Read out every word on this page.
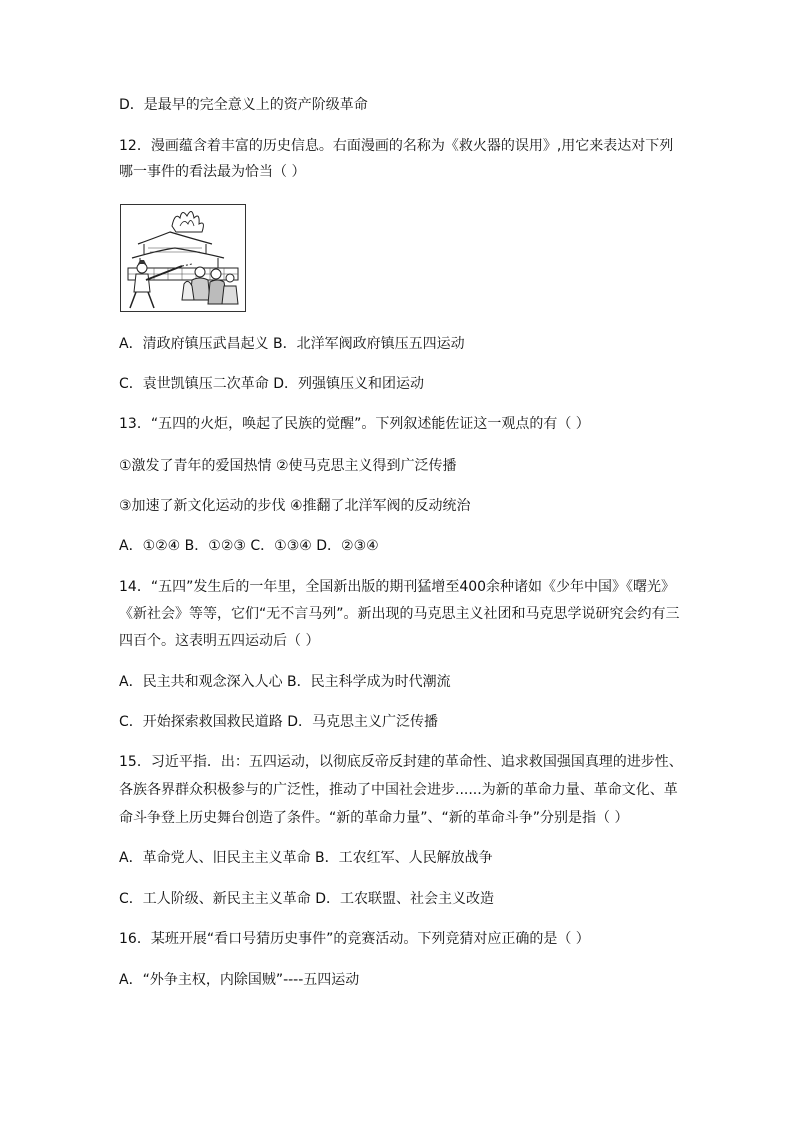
D．是最早的完全意义上的资产阶级革命
12．漫画蕴含着丰富的历史信息。右面漫画的名称为《救火器的误用》,用它来表达对下列
哪一事件的看法最为恰当（ ）
A．清政府镇压武昌起义 B．北洋军阀政府镇压五四运动
C．袁世凯镇压二次革命 D．列强镇压义和团运动
13．“五四的火炬，唤起了民族的觉醒”。下列叙述能佐证这一观点的有（ ）
①激发了青年的爱国热情 ②使马克思主义得到广泛传播
③加速了新文化运动的步伐 ④推翻了北洋军阀的反动统治
A．①②④ B．①②③ C．①③④ D．②③④
14．“五四”发生后的一年里，全国新出版的期刊猛增至400余种诸如《少年中国》《曙光》
《新社会》等等，它们“无不言马列”。新出现的马克思主义社团和马克思学说研究会约有三
四百个。这表明五四运动后（ ）
A．民主共和观念深入人心 B．民主科学成为时代潮流
C．开始探索救国救民道路 D．马克思主义广泛传播
15．习近平指．出：五四运动，以彻底反帝反封建的革命性、追求救国强国真理的进步性、
各族各界群众积极参与的广泛性，推动了中国社会进步......为新的革命力量、革命文化、革
命斗争登上历史舞台创造了条件。“新的革命力量”、“新的革命斗争”分别是指（ ）
A．革命党人、旧民主主义革命 B．工农红军、人民解放战争
C．工人阶级、新民主主义革命 D．工农联盟、社会主义改造
16．某班开展“看口号猜历史事件”的竞赛活动。下列竞猜对应正确的是（ ）
A．“外争主权，内除国贼”----五四运动
